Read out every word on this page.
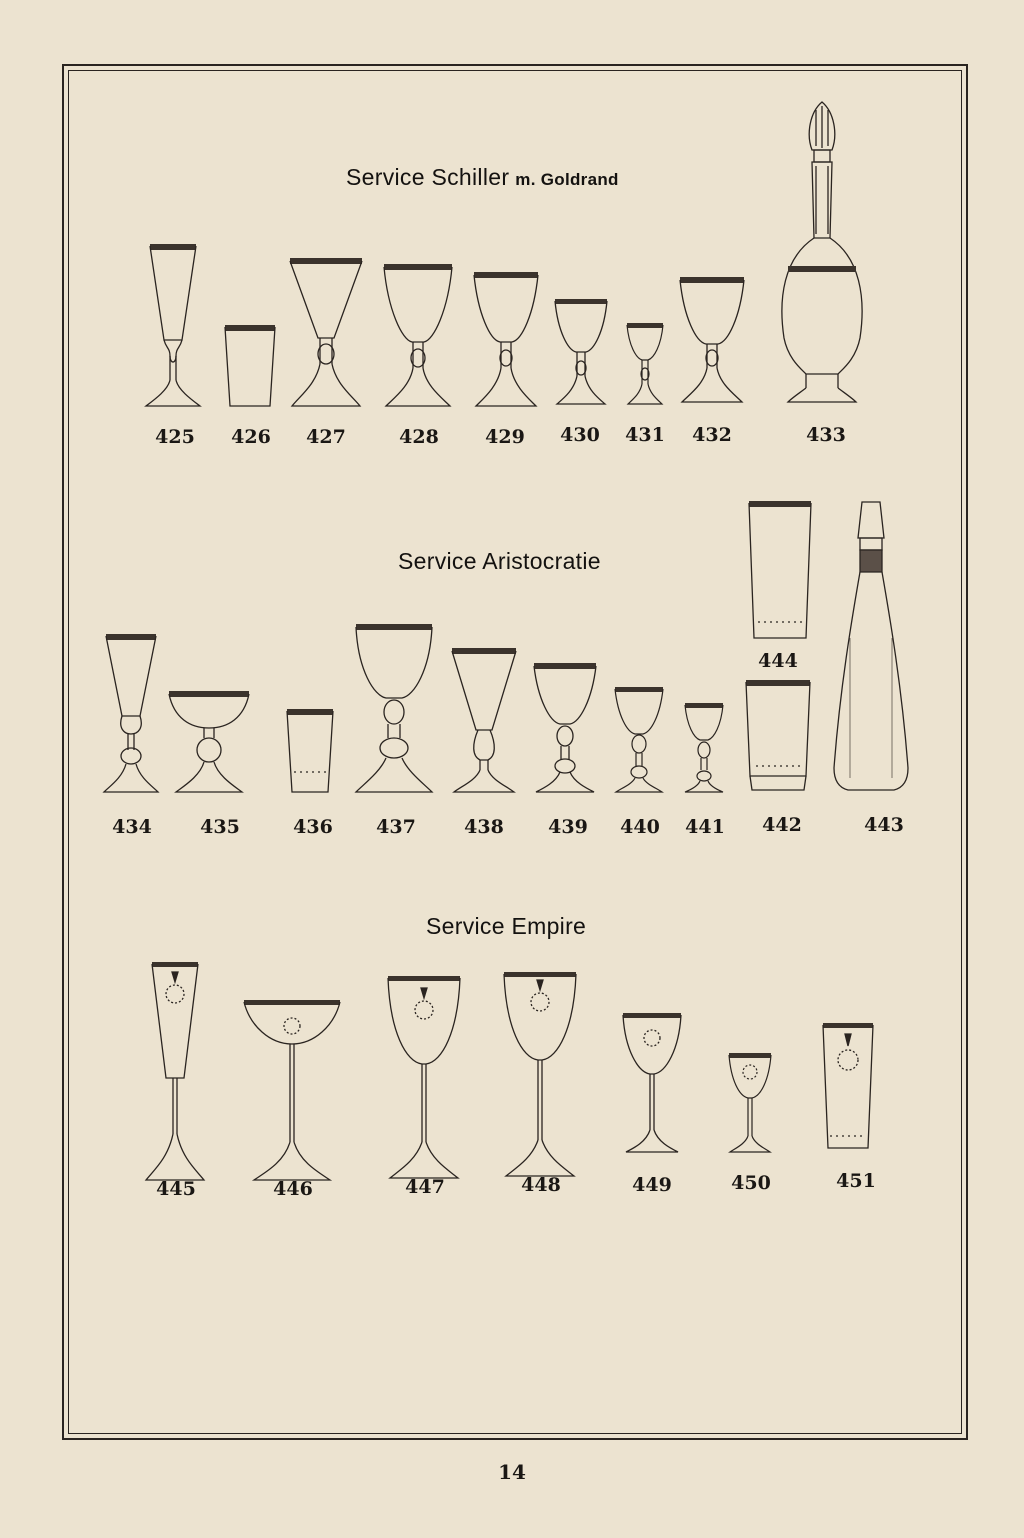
Service Schiller m. Goldrand
Service Aristocratie
Service Empire
425	426	427	428	429	430	431	432	433
434	435	436	437	438	439	440	441	442	443
444
445	446	447	448	449	450	451
14
